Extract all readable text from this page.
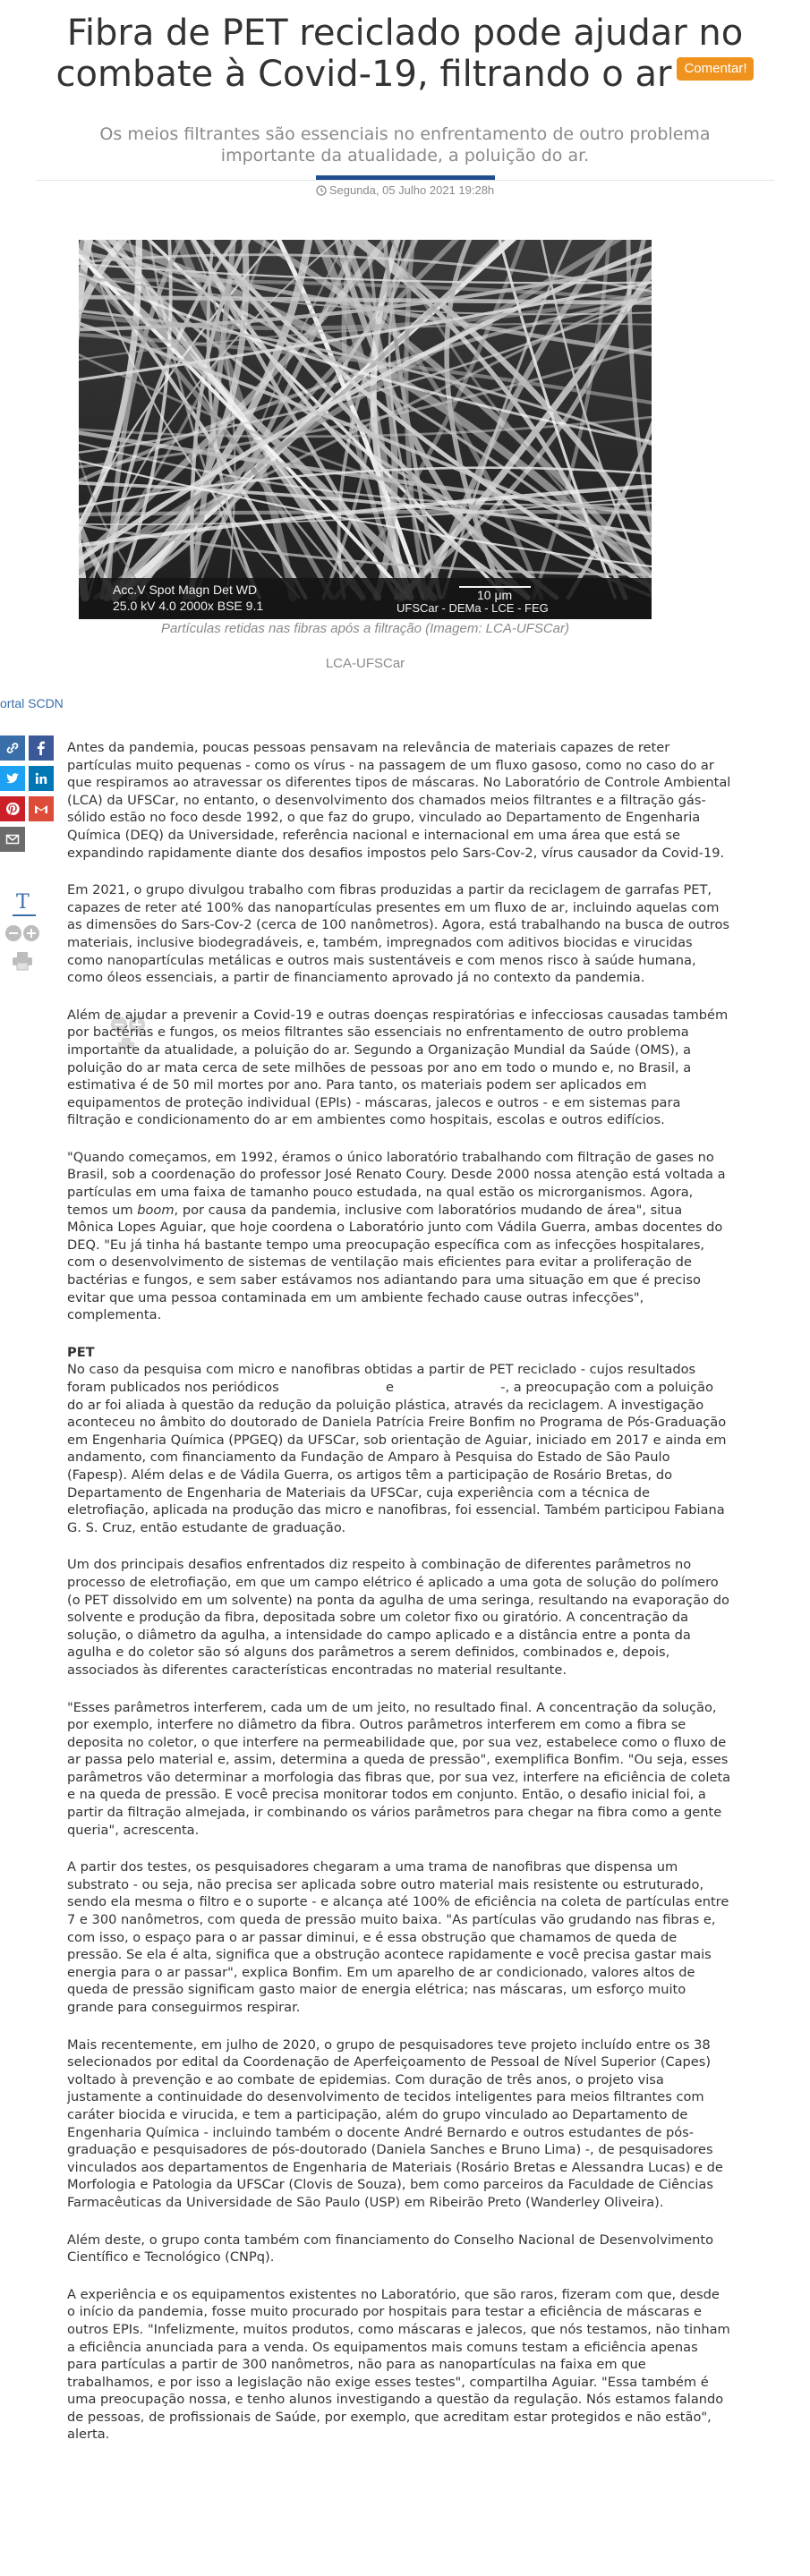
Fibra de PET reciclado pode ajudar no combate à Covid-19, filtrando o ar Comentar!
Os meios filtrantes são essenciais no enfrentamento de outro problema importante da atualidade, a poluição do ar.
Segunda, 05 Julho 2021 19:28h
Acc.V Spot Magn Det WD
25.0 kV 4.0 2000x BSE 9.1
10 μm
UFSCar - DEMa - LCE - FEG
Partículas retidas nas fibras após a filtração (Imagem: LCA-UFSCar)
LCA-UFSCar
ortal SCDN
T

Antes da pandemia, poucas pessoas pensavam na relevância de materiais capazes de reter partículas muito pequenas - como os vírus - na passagem de um fluxo gasoso, como no caso do ar que respiramos ao atravessar os diferentes tipos de máscaras. No Laboratório de Controle Ambiental (LCA) da UFSCar, no entanto, o desenvolvimento dos chamados meios filtrantes e a filtração gás-sólido estão no foco desde 1992, o que faz do grupo, vinculado ao Departamento de Engenharia Química (DEQ) da Universidade, referência nacional e internacional em uma área que está se expandindo rapidamente diante dos desafios impostos pelo Sars-Cov-2, vírus causador da Covid-19.

Em 2021, o grupo divulgou trabalho com fibras produzidas a partir da reciclagem de garrafas PET, capazes de reter até 100% das nanopartículas presentes em um fluxo de ar, incluindo aquelas com as dimensões do Sars-Cov-2 (cerca de 100 nanômetros). Agora, está trabalhando na busca de outros materiais, inclusive biodegradáveis, e, também, impregnados com aditivos biocidas e virucidas como nanopartículas metálicas e outros mais sustentáveis e com menos risco à saúde humana, como óleos essenciais, a partir de financiamento aprovado já no contexto da pandemia.

Além de ajudar a prevenir a Covid-19 e outras doenças respiratórias e infecciosas causadas também por bactérias e fungos, os meios filtrantes são essenciais no enfrentamento de outro problema importante da atualidade, a poluição do ar. Segundo a Organização Mundial da Saúde (OMS), a poluição do ar mata cerca de sete milhões de pessoas por ano em todo o mundo e, no Brasil, a estimativa é de 50 mil mortes por ano. Para tanto, os materiais podem ser aplicados em equipamentos de proteção individual (EPIs) - máscaras, jalecos e outros - e em sistemas para filtração e condicionamento do ar em ambientes como hospitais, escolas e outros edifícios.

"Quando começamos, em 1992, éramos o único laboratório trabalhando com filtração de gases no Brasil, sob a coordenação do professor José Renato Coury. Desde 2000 nossa atenção está voltada a partículas em uma faixa de tamanho pouco estudada, na qual estão os microrganismos. Agora, temos um boom, por causa da pandemia, inclusive com laboratórios mudando de área", situa Mônica Lopes Aguiar, que hoje coordena o Laboratório junto com Vádila Guerra, ambas docentes do DEQ. "Eu já tinha há bastante tempo uma preocupação específica com as infecções hospitalares, com o desenvolvimento de sistemas de ventilação mais eficientes para evitar a proliferação de bactérias e fungos, e sem saber estávamos nos adiantando para uma situação em que é preciso evitar que uma pessoa contaminada em um ambiente fechado cause outras infecções", complementa.

PET

No caso da pesquisa com micro e nanofibras obtidas a partir de PET reciclado - cujos resultados foram publicados nos periódicos	e	-, a preocupação com a poluição do ar foi aliada à questão da redução da poluição plástica, através da reciclagem. A investigação aconteceu no âmbito do doutorado de Daniela Patrícia Freire Bonfim no Programa de Pós-Graduação em Engenharia Química (PPGEQ) da UFSCar, sob orientação de Aguiar, iniciado em 2017 e ainda em andamento, com financiamento da Fundação de Amparo à Pesquisa do Estado de São Paulo (Fapesp). Além delas e de Vádila Guerra, os artigos têm a participação de Rosário Bretas, do Departamento de Engenharia de Materiais da UFSCar, cuja experiência com a técnica de eletrofiação, aplicada na produção das micro e nanofibras, foi essencial. Também participou Fabiana G. S. Cruz, então estudante de graduação.

Um dos principais desafios enfrentados diz respeito à combinação de diferentes parâmetros no processo de eletrofiação, em que um campo elétrico é aplicado a uma gota de solução do polímero (o PET dissolvido em um solvente) na ponta da agulha de uma seringa, resultando na evaporação do solvente e produção da fibra, depositada sobre um coletor fixo ou giratório. A concentração da solução, o diâmetro da agulha, a intensidade do campo aplicado e a distância entre a ponta da agulha e do coletor são só alguns dos parâmetros a serem definidos, combinados e, depois, associados às diferentes características encontradas no material resultante.

"Esses parâmetros interferem, cada um de um jeito, no resultado final. A concentração da solução, por exemplo, interfere no diâmetro da fibra. Outros parâmetros interferem em como a fibra se deposita no coletor, o que interfere na permeabilidade que, por sua vez, estabelece como o fluxo de ar passa pelo material e, assim, determina a queda de pressão", exemplifica Bonfim. "Ou seja, esses parâmetros vão determinar a morfologia das fibras que, por sua vez, interfere na eficiência de coleta e na queda de pressão. E você precisa monitorar todos em conjunto. Então, o desafio inicial foi, a partir da filtração almejada, ir combinando os vários parâmetros para chegar na fibra como a gente queria", acrescenta.

A partir dos testes, os pesquisadores chegaram a uma trama de nanofibras que dispensa um substrato - ou seja, não precisa ser aplicada sobre outro material mais resistente ou estruturado, sendo ela mesma o filtro e o suporte - e alcança até 100% de eficiência na coleta de partículas entre 7 e 300 nanômetros, com queda de pressão muito baixa. "As partículas vão grudando nas fibras e, com isso, o espaço para o ar passar diminui, e é essa obstrução que chamamos de queda de pressão. Se ela é alta, significa que a obstrução acontece rapidamente e você precisa gastar mais energia para o ar passar", explica Bonfim. Em um aparelho de ar condicionado, valores altos de queda de pressão significam gasto maior de energia elétrica; nas máscaras, um esforço muito grande para conseguirmos respirar.

Mais recentemente, em julho de 2020, o grupo de pesquisadores teve projeto incluído entre os 38 selecionados por edital da Coordenação de Aperfeiçoamento de Pessoal de Nível Superior (Capes) voltado à prevenção e ao combate de epidemias. Com duração de três anos, o projeto visa justamente a continuidade do desenvolvimento de tecidos inteligentes para meios filtrantes com caráter biocida e virucida, e tem a participação, além do grupo vinculado ao Departamento de Engenharia Química - incluindo também o docente André Bernardo e outros estudantes de pós-graduação e pesquisadores de pós-doutorado (Daniela Sanches e Bruno Lima) -, de pesquisadores vinculados aos departamentos de Engenharia de Materiais (Rosário Bretas e Alessandra Lucas) e de Morfologia e Patologia da UFSCar (Clovis de Souza), bem como parceiros da Faculdade de Ciências Farmacêuticas da Universidade de São Paulo (USP) em Ribeirão Preto (Wanderley Oliveira).

Além deste, o grupo conta também com financiamento do Conselho Nacional de Desenvolvimento Científico e Tecnológico (CNPq).

A experiência e os equipamentos existentes no Laboratório, que são raros, fizeram com que, desde o início da pandemia, fosse muito procurado por hospitais para testar a eficiência de máscaras e outros EPIs. "Infelizmente, muitos produtos, como máscaras e jalecos, que nós testamos, não tinham a eficiência anunciada para a venda. Os equipamentos mais comuns testam a eficiência apenas para partículas a partir de 300 nanômetros, não para as nanopartículas na faixa em que trabalhamos, e por isso a legislação não exige esses testes", compartilha Aguiar. "Essa também é uma preocupação nossa, e tenho alunos investigando a questão da regulação. Nós estamos falando de pessoas, de profissionais de Saúde, por exemplo, que acreditam estar protegidos e não estão", alerta.
